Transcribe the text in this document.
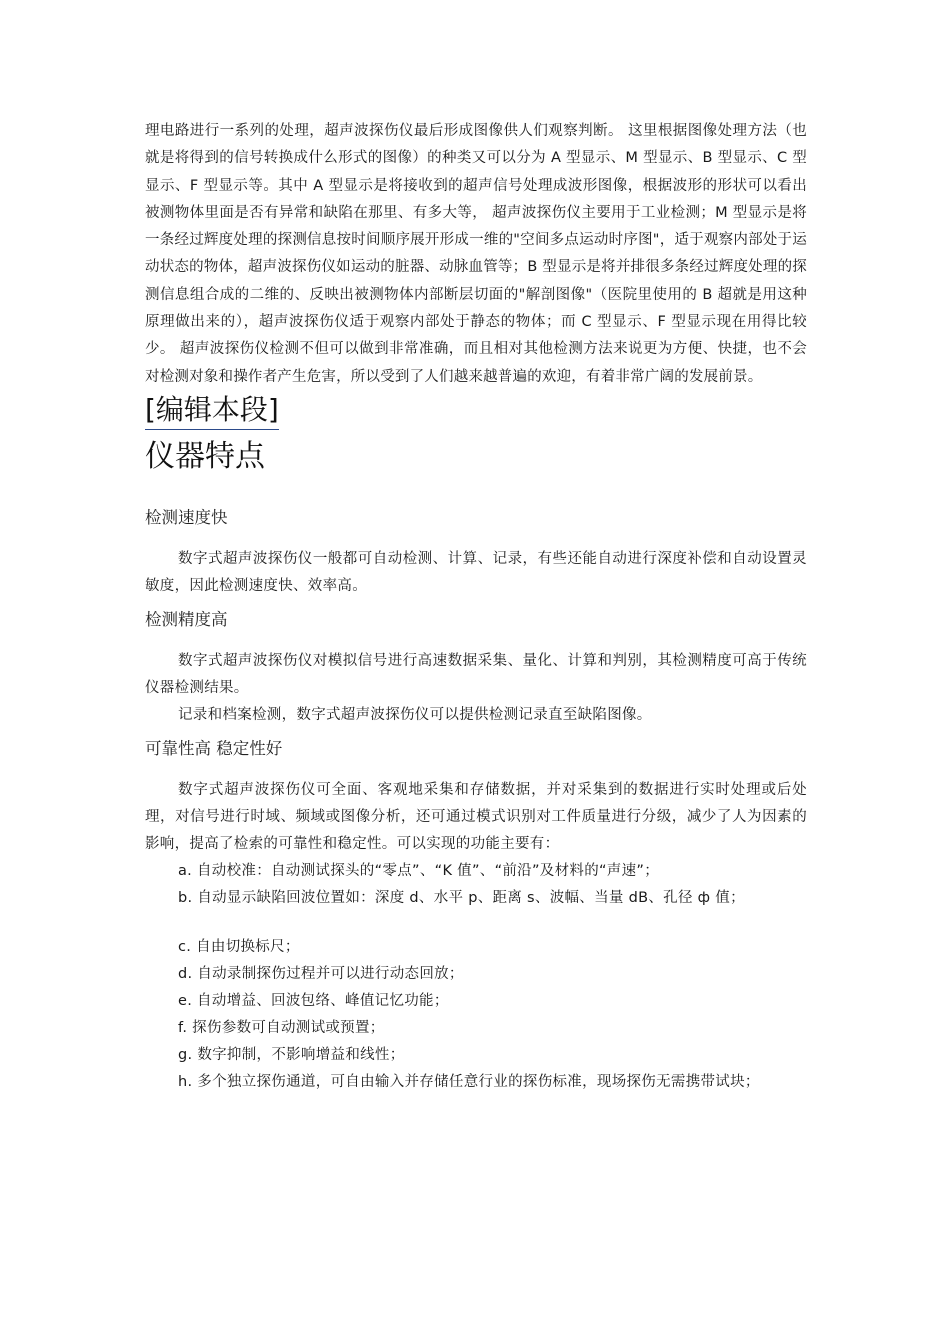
理电路进行一系列的处理，超声波探伤仪最后形成图像供人们观察判断。 这里根据图像处理方法（也就是将得到的信号转换成什么形式的图像）的种类又可以分为 A 型显示、M 型显示、B 型显示、C 型显示、F 型显示等。其中 A 型显示是将接收到的超声信号处理成波形图像，根据波形的形状可以看出被测物体里面是否有异常和缺陷在那里、有多大等， 超声波探伤仪主要用于工业检测；M 型显示是将一条经过辉度处理的探测信息按时间顺序展开形成一维的"空间多点运动时序图"，适于观察内部处于运动状态的物体，超声波探伤仪如运动的脏器、动脉血管等；B 型显示是将并排很多条经过辉度处理的探测信息组合成的二维的、反映出被测物体内部断层切面的"解剖图像"（医院里使用的 B 超就是用这种原理做出来的），超声波探伤仪适于观察内部处于静态的物体；而 C 型显示、F 型显示现在用得比较少。 超声波探伤仪检测不但可以做到非常准确，而且相对其他检测方法来说更为方便、快捷，也不会对检测对象和操作者产生危害，所以受到了人们越来越普遍的欢迎，有着非常广阔的发展前景。

[编辑本段]
仪器特点
检测速度快

数字式超声波探伤仪一般都可自动检测、计算、记录，有些还能自动进行深度补偿和自动设置灵敏度，因此检测速度快、效率高。

检测精度高

数字式超声波探伤仪对模拟信号进行高速数据采集、量化、计算和判别，其检测精度可高于传统仪器检测结果。

记录和档案检测，数字式超声波探伤仪可以提供检测记录直至缺陷图像。

可靠性高 稳定性好

数字式超声波探伤仪可全面、客观地采集和存储数据，并对采集到的数据进行实时处理或后处理，对信号进行时域、频域或图像分析，还可通过模式识别对工件质量进行分级，减少了人为因素的影响，提高了检索的可靠性和稳定性。可以实现的功能主要有：

a. 自动校准：自动测试探头的“零点”、“K 值”、“前沿”及材料的“声速”；

b. 自动显示缺陷回波位置如：深度 d、水平 p、距离 s、波幅、当量 dB、孔径 ф 值；

c. 自由切换标尺；

d. 自动录制探伤过程并可以进行动态回放；

e. 自动增益、回波包络、峰值记忆功能；

f. 探伤参数可自动测试或预置；

g. 数字抑制，不影响增益和线性；

h. 多个独立探伤通道，可自由输入并存储任意行业的探伤标准，现场探伤无需携带试块；
